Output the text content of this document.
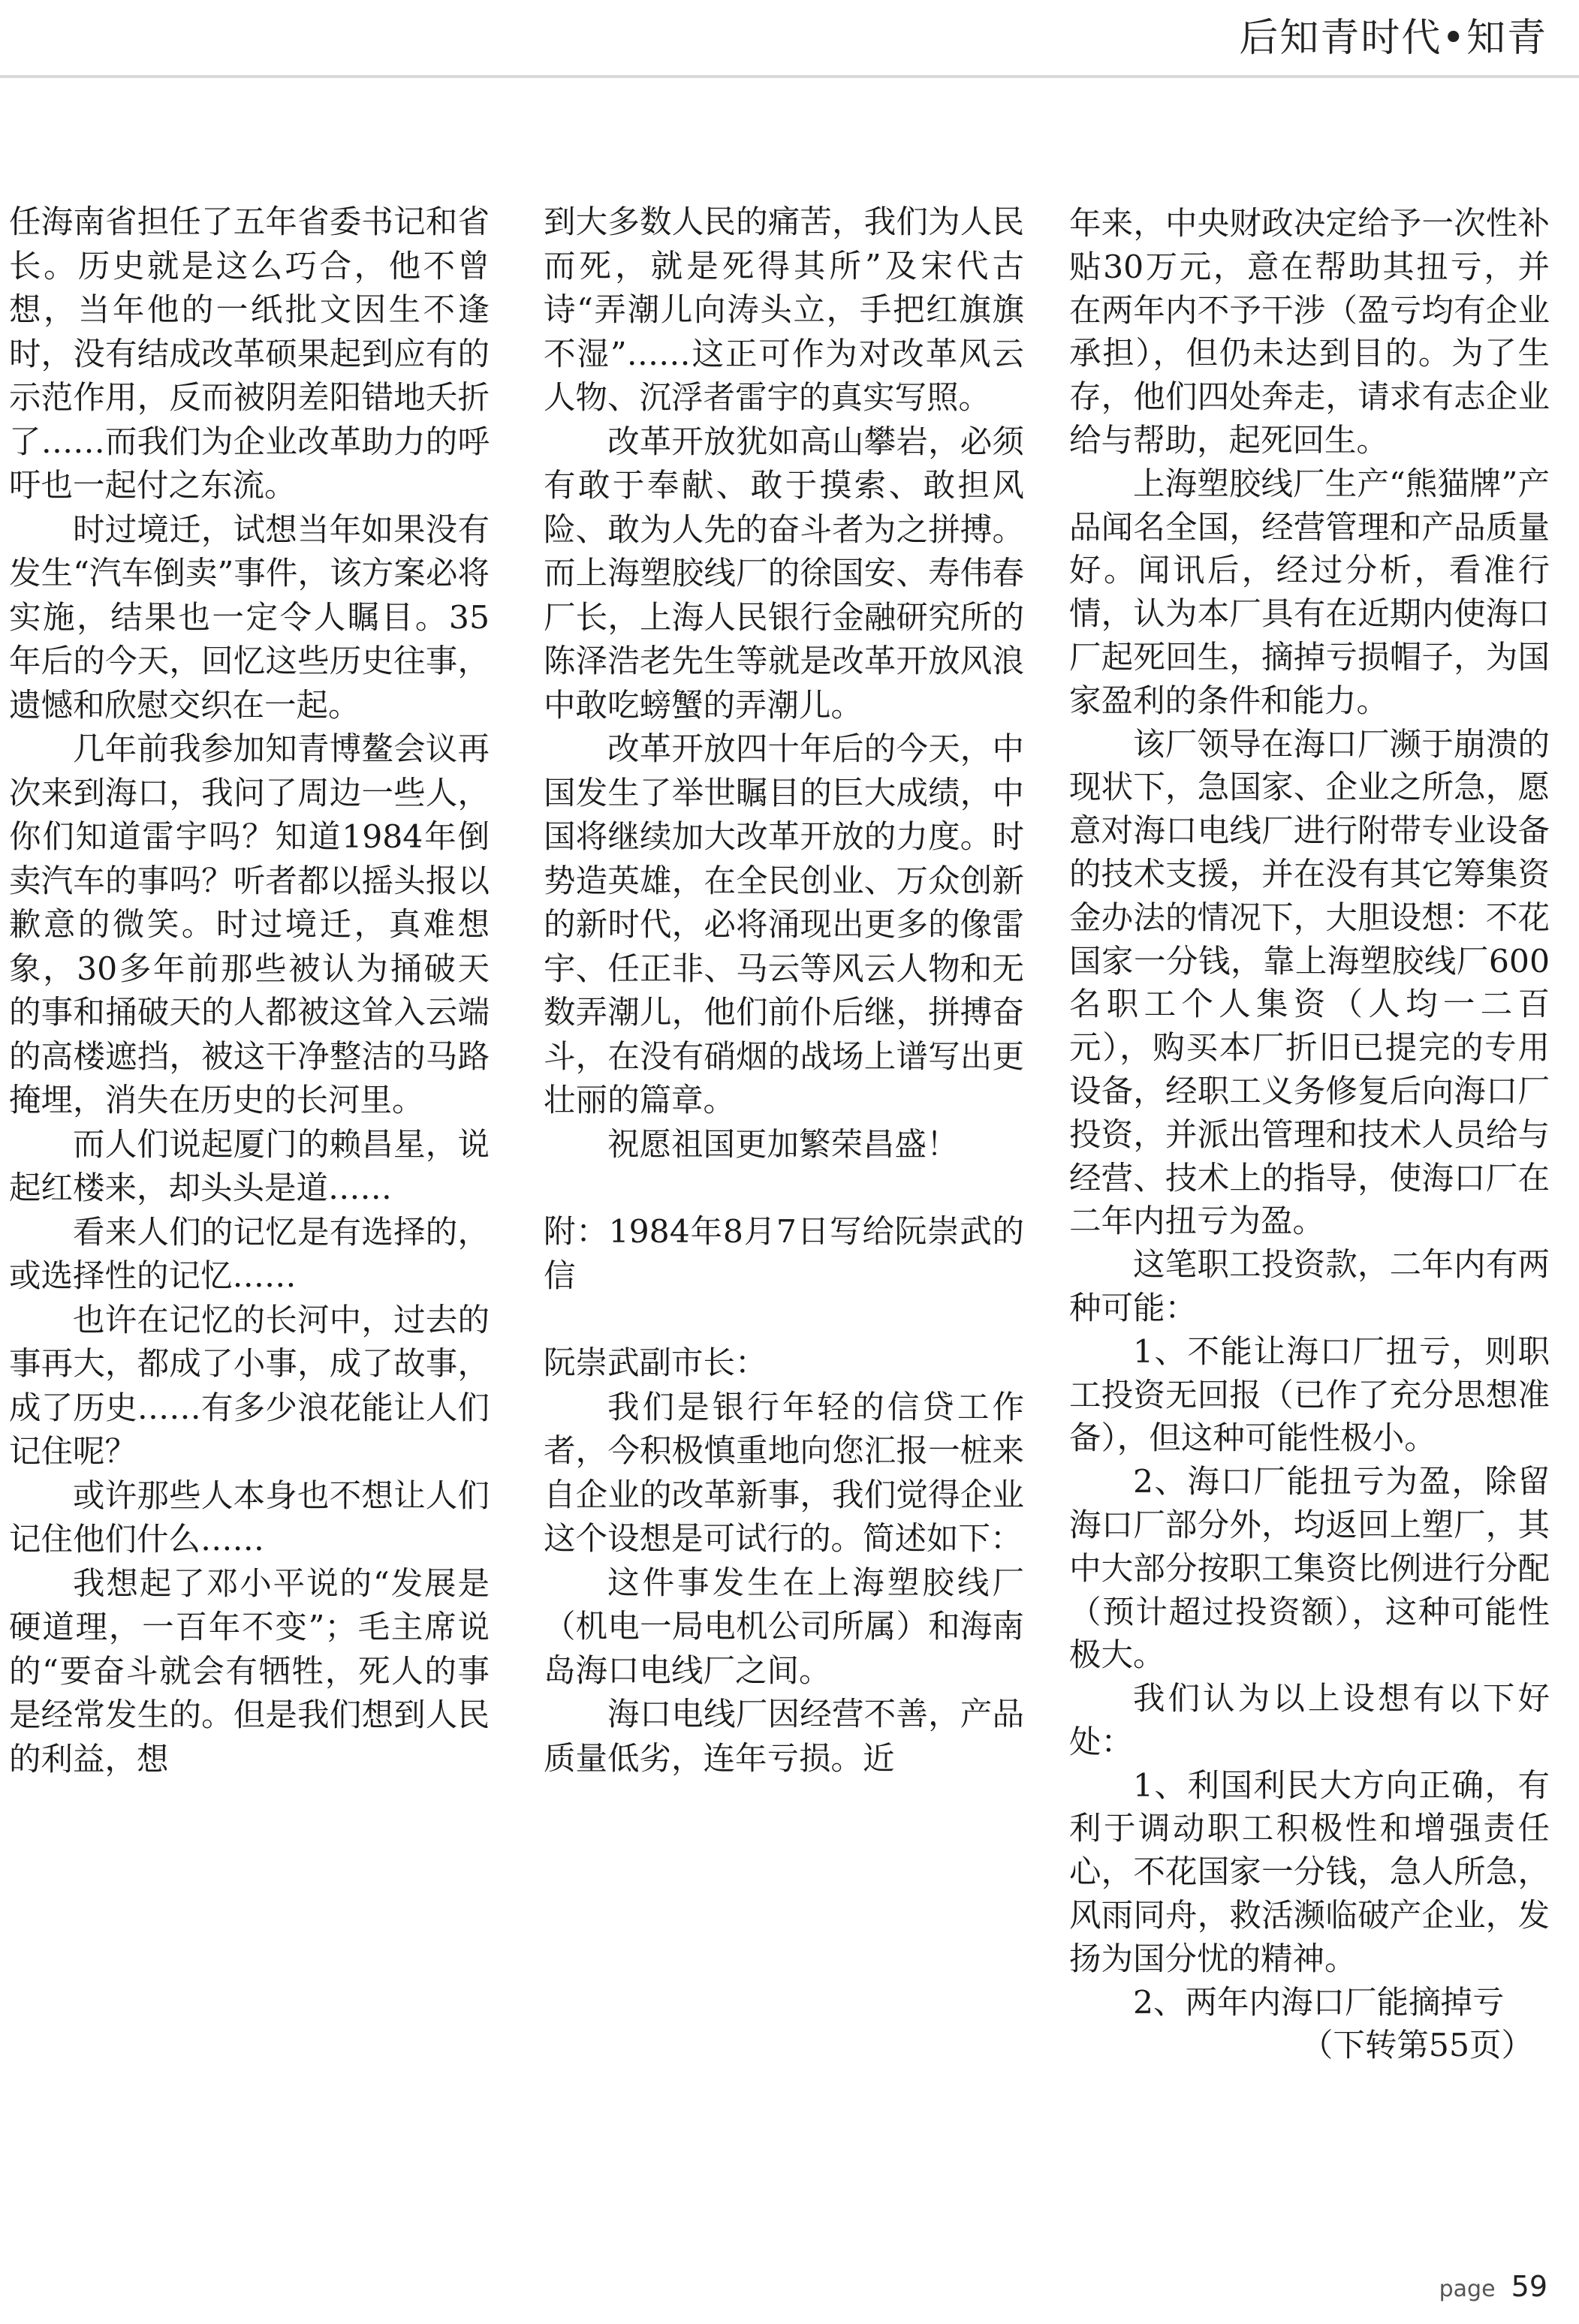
后知青时代•知青

任海南省担任了五年省委书记和省长。历史就是这么巧合，他不曾想，当年他的一纸批文因生不逢时，没有结成改革硕果起到应有的示范作用，反而被阴差阳错地夭折了……而我们为企业改革助力的呼吁也一起付之东流。

时过境迁，试想当年如果没有发生“汽车倒卖”事件，该方案必将实施，结果也一定令人瞩目。35年后的今天，回忆这些历史往事，遗憾和欣慰交织在一起。

几年前我参加知青博鳌会议再次来到海口，我问了周边一些人，你们知道雷宇吗？知道1984年倒卖汽车的事吗？听者都以摇头报以歉意的微笑。时过境迁，真难想象，30多年前那些被认为捅破天的事和捅破天的人都被这耸入云端的高楼遮挡，被这干净整洁的马路掩埋，消失在历史的长河里。

而人们说起厦门的赖昌星，说起红楼来，却头头是道……

看来人们的记忆是有选择的，或选择性的记忆……

也许在记忆的长河中，过去的事再大，都成了小事，成了故事，成了历史……有多少浪花能让人们记住呢？

或许那些人本身也不想让人们记住他们什么……

我想起了邓小平说的“发展是硬道理，一百年不变”；毛主席说的“要奋斗就会有牺牲，死人的事是经常发生的。但是我们想到人民的利益，想

到大多数人民的痛苦，我们为人民而死，就是死得其所”及宋代古诗“弄潮儿向涛头立，手把红旗旗不湿”……这正可作为对改革风云人物、沉浮者雷宇的真实写照。

改革开放犹如高山攀岩，必须有敢于奉献、敢于摸索、敢担风险、敢为人先的奋斗者为之拼搏。而上海塑胶线厂的徐国安、寿伟春厂长，上海人民银行金融研究所的陈泽浩老先生等就是改革开放风浪中敢吃螃蟹的弄潮儿。

改革开放四十年后的今天，中国发生了举世瞩目的巨大成绩，中国将继续加大改革开放的力度。时势造英雄，在全民创业、万众创新的新时代，必将涌现出更多的像雷宇、任正非、马云等风云人物和无数弄潮儿，他们前仆后继，拼搏奋斗，在没有硝烟的战场上谱写出更壮丽的篇章。

祝愿祖国更加繁荣昌盛！

附：1984年8月7日写给阮崇武的信

阮崇武副市长：

我们是银行年轻的信贷工作者，今积极慎重地向您汇报一桩来自企业的改革新事，我们觉得企业这个设想是可试行的。简述如下：

这件事发生在上海塑胶线厂（机电一局电机公司所属）和海南岛海口电线厂之间。

海口电线厂因经营不善，产品质量低劣，连年亏损。近

年来，中央财政决定给予一次性补贴30万元，意在帮助其扭亏，并在两年内不予干涉（盈亏均有企业承担），但仍未达到目的。为了生存，他们四处奔走，请求有志企业给与帮助，起死回生。

上海塑胶线厂生产“熊猫牌”产品闻名全国，经营管理和产品质量好。闻讯后，经过分析，看准行情，认为本厂具有在近期内使海口厂起死回生，摘掉亏损帽子，为国家盈利的条件和能力。

该厂领导在海口厂濒于崩溃的现状下，急国家、企业之所急，愿意对海口电线厂进行附带专业设备的技术支援，并在没有其它筹集资金办法的情况下，大胆设想：不花国家一分钱，靠上海塑胶线厂600名职工个人集资（人均一二百元），购买本厂折旧已提完的专用设备，经职工义务修复后向海口厂投资，并派出管理和技术人员给与经营、技术上的指导，使海口厂在二年内扭亏为盈。

这笔职工投资款，二年内有两种可能：

1、不能让海口厂扭亏，则职工投资无回报（已作了充分思想准备），但这种可能性极小。

2、海口厂能扭亏为盈，除留海口厂部分外，均返回上塑厂，其中大部分按职工集资比例进行分配（预计超过投资额），这种可能性极大。

我们认为以上设想有以下好处：

1、利国利民大方向正确，有利于调动职工积极性和增强责任心，不花国家一分钱，急人所急，风雨同舟，救活濒临破产企业，发扬为国分忧的精神。

2、两年内海口厂能摘掉亏

（下转第55页）

page 59
